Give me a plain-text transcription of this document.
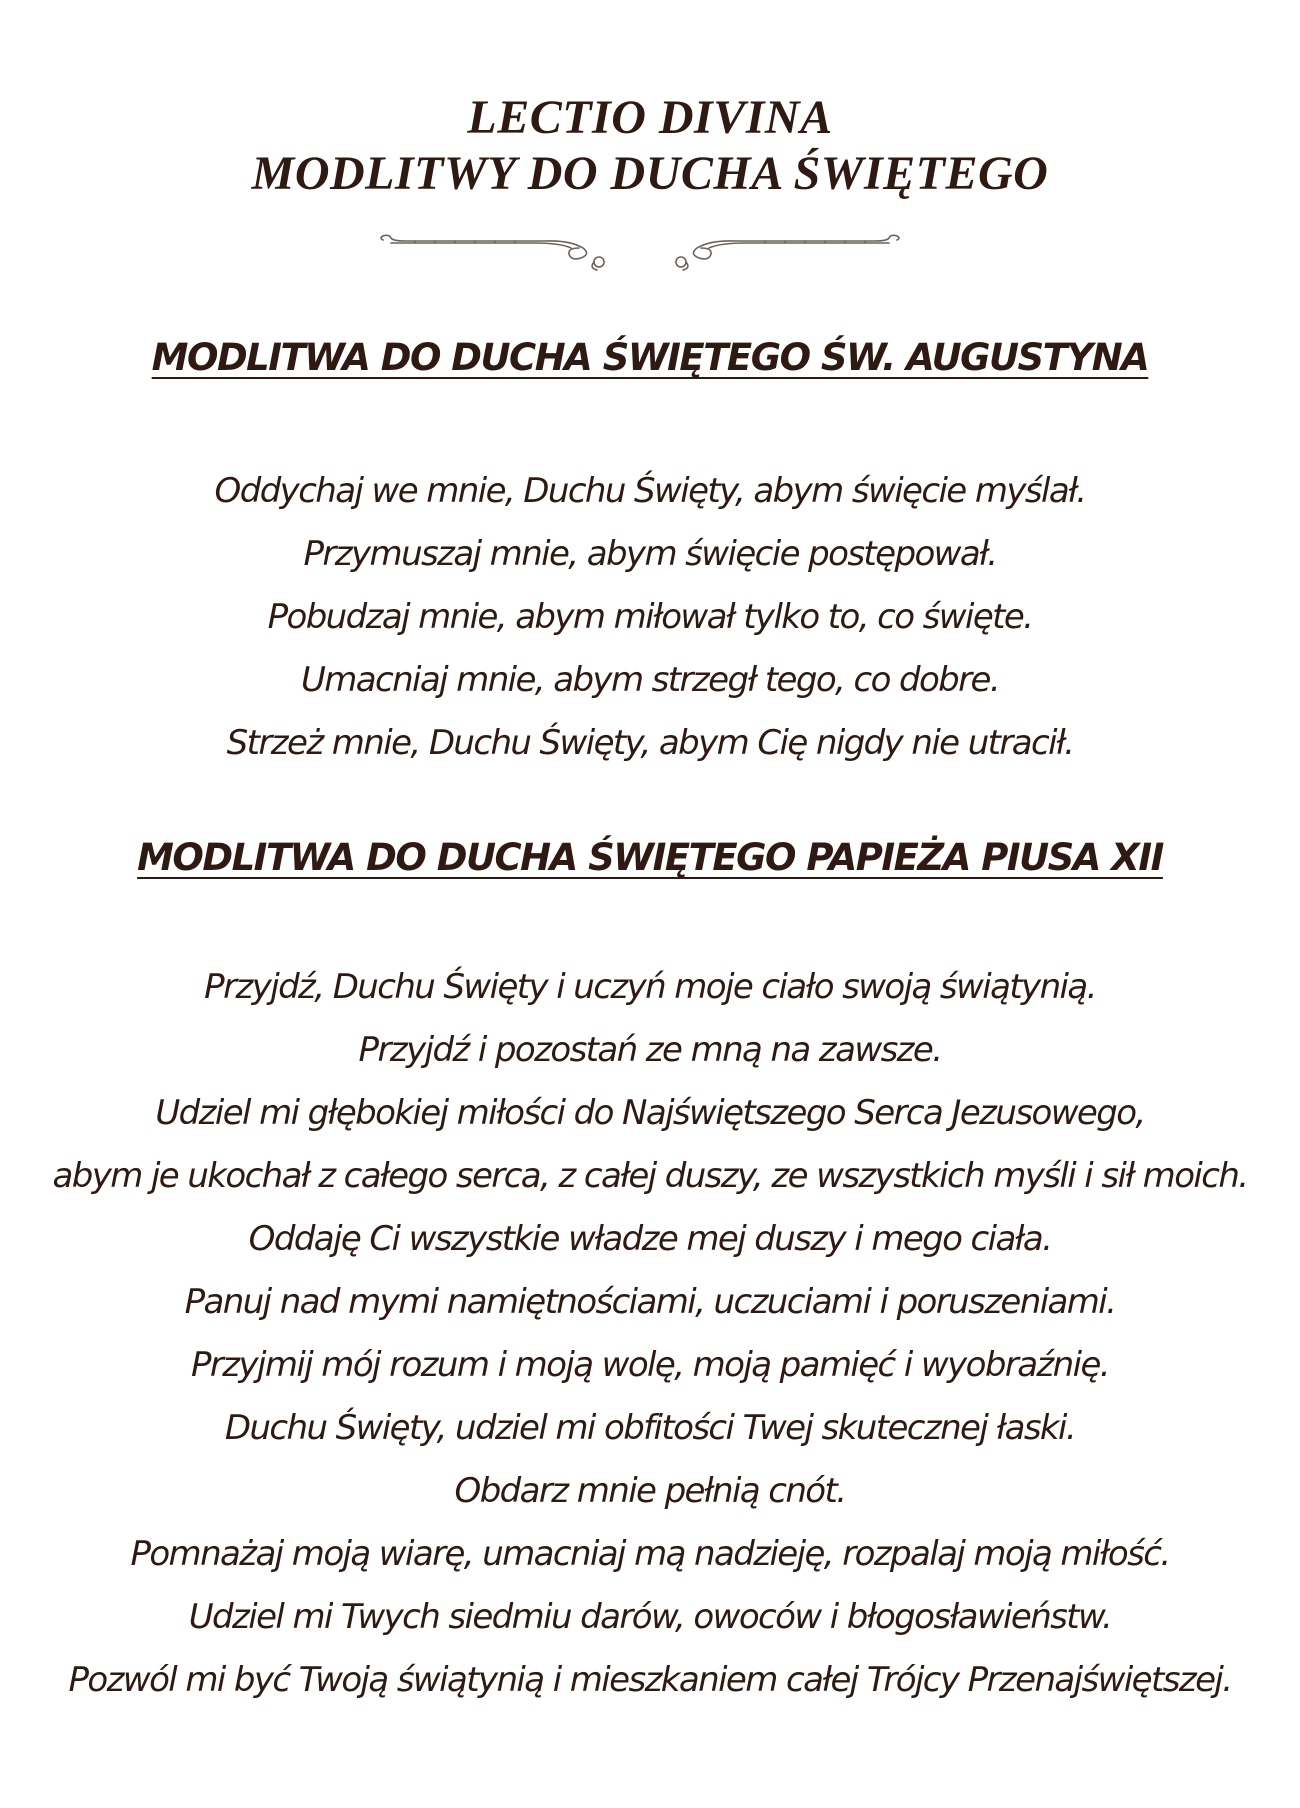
LECTIO DIVINA
MODLITWY DO DUCHA ŚWIĘTEGO
MODLITWA DO DUCHA ŚWIĘTEGO ŚW. AUGUSTYNA
Oddychaj we mnie, Duchu Święty, abym święcie myślał.
Przymuszaj mnie, abym święcie postępował.
Pobudzaj mnie, abym miłował tylko to, co święte.
Umacniaj mnie, abym strzegł tego, co dobre.
Strzeż mnie, Duchu Święty, abym Cię nigdy nie utracił.
MODLITWA DO DUCHA ŚWIĘTEGO PAPIEŻA PIUSA XII
Przyjdź, Duchu Święty i uczyń moje ciało swoją świątynią.
Przyjdź i pozostań ze mną na zawsze.
Udziel mi głębokiej miłości do Najświętszego Serca Jezusowego,
abym je ukochał z całego serca, z całej duszy, ze wszystkich myśli i sił moich.
Oddaję Ci wszystkie władze mej duszy i mego ciała.
Panuj nad mymi namiętnościami, uczuciami i poruszeniami.
Przyjmij mój rozum i moją wolę, moją pamięć i wyobraźnię.
Duchu Święty, udziel mi obfitości Twej skutecznej łaski.
Obdarz mnie pełnią cnót.
Pomnażaj moją wiarę, umacniaj mą nadzieję, rozpalaj moją miłość.
Udziel mi Twych siedmiu darów, owoców i błogosławieństw.
Pozwól mi być Twoją świątynią i mieszkaniem całej Trójcy Przenajświętszej.
